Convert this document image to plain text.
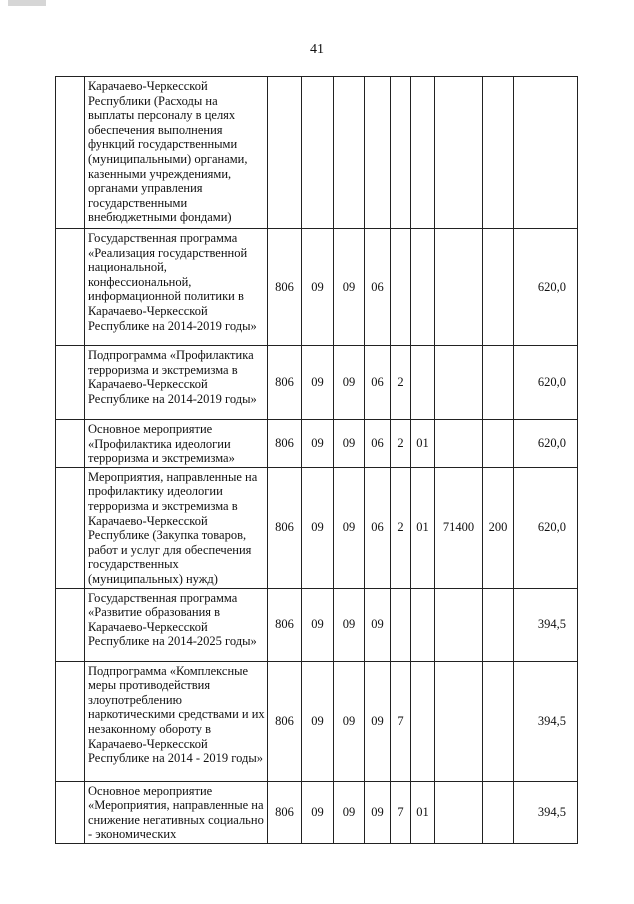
41
	Карачаево-Черкесской Республики (Расходы на выплаты персоналу в целях обеспечения выполнения функций государственными (муниципальными) органами, казенными учреждениями, органами управления государственными внебюджетными фондами)									
	Государственная программа «Реализация государственной национальной, конфессиональной, информационной политики в Карачаево-Черкесской Республике на 2014-2019 годы»	806	09	09	06					620,0
	Подпрограмма «Профилактика терроризма и экстремизма в Карачаево-Черкесской Республике на 2014-2019 годы»	806	09	09	06	2				620,0
	Основное мероприятие «Профилактика идеологии терроризма и экстремизма»	806	09	09	06	2	01			620,0
	Мероприятия, направленные на профилактику идеологии терроризма и экстремизма в Карачаево-Черкесской Республике (Закупка товаров, работ и услуг для обеспечения государственных (муниципальных) нужд)	806	09	09	06	2	01	71400	200	620,0
	Государственная программа «Развитие образования в Карачаево-Черкесской Республике на 2014-2025 годы»	806	09	09	09					394,5
	Подпрограмма «Комплексные меры противодействия злоупотреблению наркотическими средствами и их незаконному обороту в Карачаево-Черкесской Республике на 2014 - 2019 годы»	806	09	09	09	7				394,5
	Основное мероприятие «Мероприятия, направленные на снижение негативных социально - экономических	806	09	09	09	7	01			394,5
